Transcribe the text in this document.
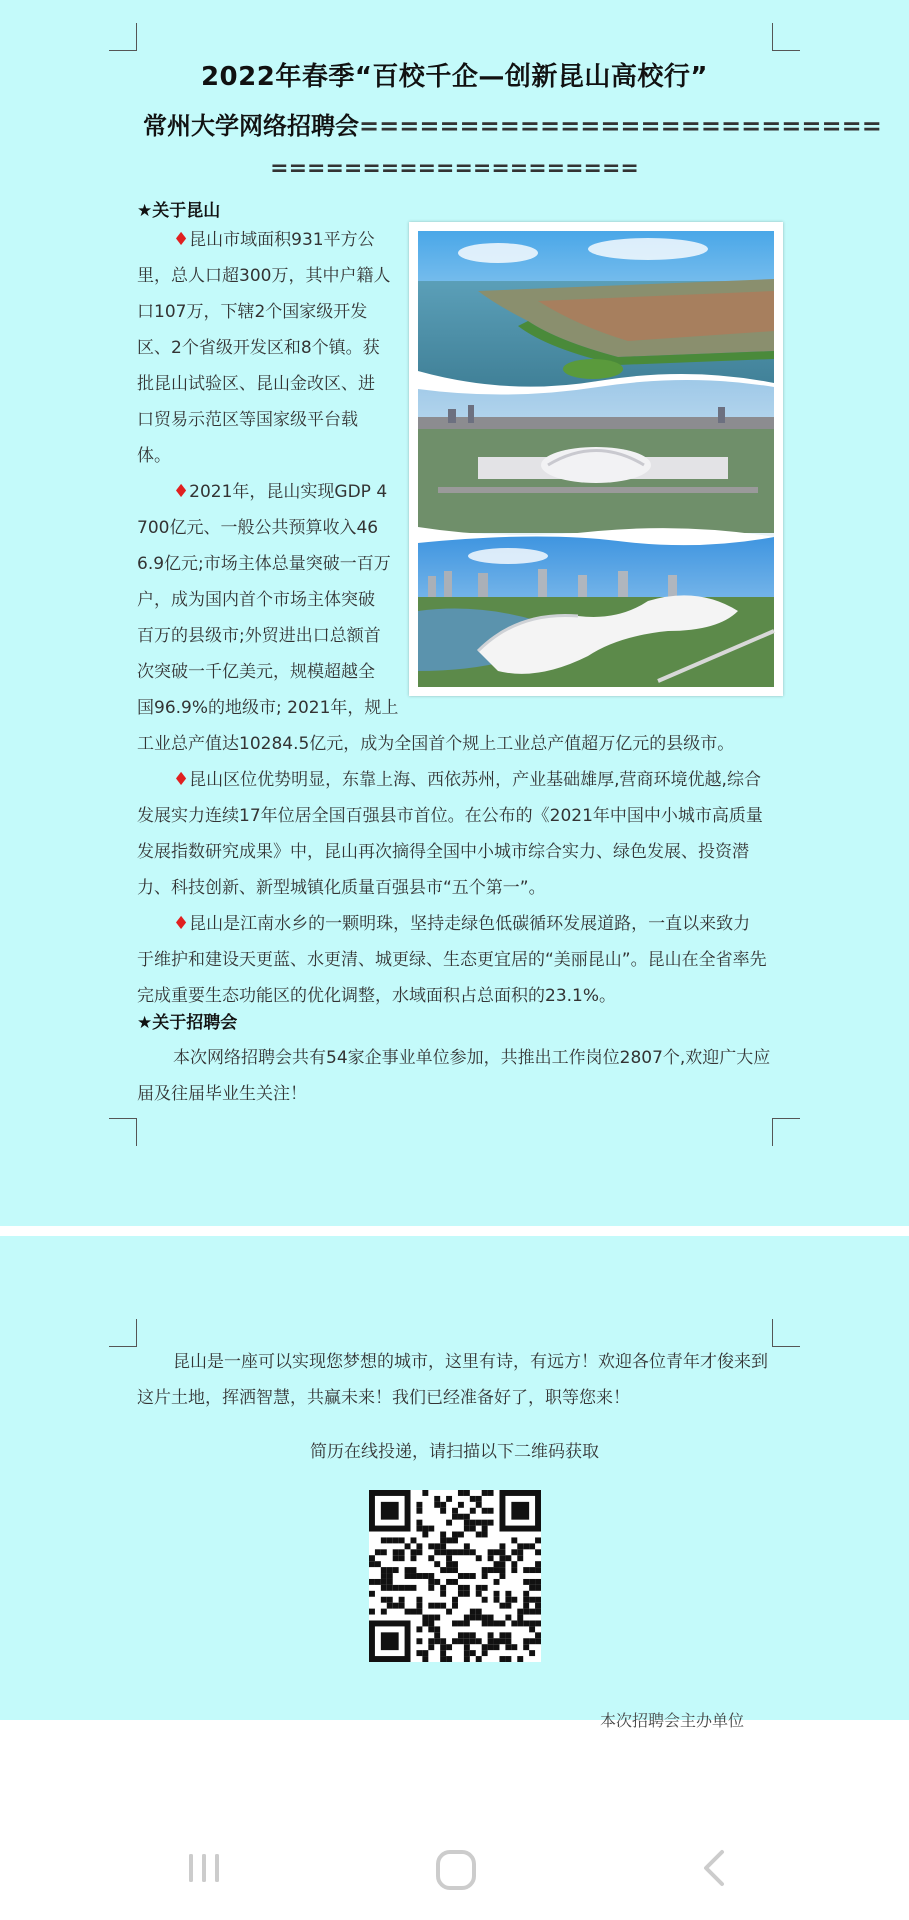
2022年春季“百校千企—创新昆山高校行”
常州大学网络招聘会==========================
====================
★关于昆山
♦昆山市域面积931平方公
里，总人口超300万，其中户籍人
口107万，下辖2个国家级开发
区、2个省级开发区和8个镇。获
批昆山试验区、昆山金改区、进
口贸易示范区等国家级平台载
体。
♦2021年，昆山实现GDP 4
700亿元、一般公共预算收入46
6.9亿元;市场主体总量突破一百万
户，成为国内首个市场主体突破
百万的县级市;外贸进出口总额首
次突破一千亿美元，规模超越全
国96.9%的地级市; 2021年，规上
工业总产值达10284.5亿元，成为全国首个规上工业总产值超万亿元的县级市。
♦昆山区位优势明显，东靠上海、西依苏州，产业基础雄厚,营商环境优越,综合
发展实力连续17年位居全国百强县市首位。在公布的《2021年中国中小城市高质量
发展指数研究成果》中，昆山再次摘得全国中小城市综合实力、绿色发展、投资潜
力、科技创新、新型城镇化质量百强县市“五个第一”。
♦昆山是江南水乡的一颗明珠，坚持走绿色低碳循环发展道路，一直以来致力
于维护和建设天更蓝、水更清、城更绿、生态更宜居的“美丽昆山”。昆山在全省率先
完成重要生态功能区的优化调整，水域面积占总面积的23.1%。
★关于招聘会
本次网络招聘会共有54家企事业单位参加，共推出工作岗位2807个,欢迎广大应
届及往届毕业生关注！
昆山是一座可以实现您梦想的城市，这里有诗，有远方！欢迎各位青年才俊来到
这片土地，挥洒智慧，共赢未来！我们已经准备好了，职等您来！
简历在线投递，请扫描以下二维码获取
本次招聘会主办单位
